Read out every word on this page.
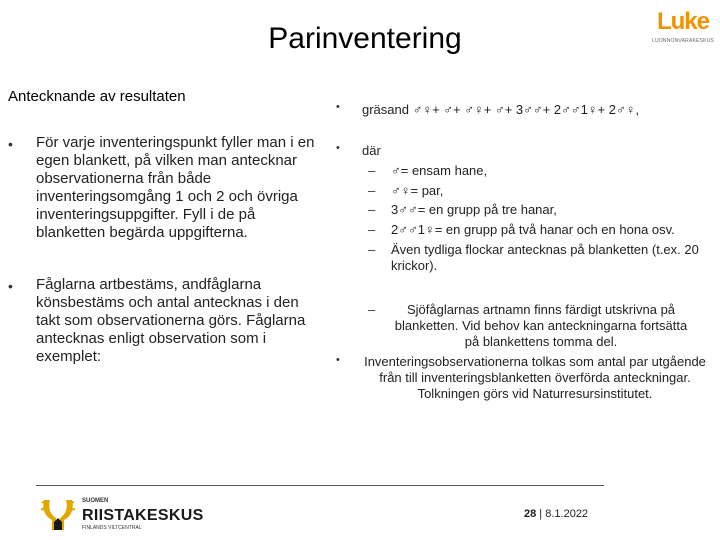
Parinventering
Luke
LUONNONVARAKESKUS
Antecknande av resultaten
• För varje inventeringspunkt fyller man i en egen blankett, på vilken man antecknar observationerna från både inventeringsomgång 1 och 2 och övriga inventeringsuppgifter. Fyll i de på blanketten begärda uppgifterna.
• Fåglarna artbestäms, andfåglarna könsbestäms och antal antecknas i den takt som observationerna görs. Fåglarna antecknas enligt observation som i exemplet:
• gräsand ♂♀+ ♂+ ♂♀+ ♂+ 3♂♂+ 2♂♂1♀+ 2♂♀,
• där
– ♂= ensam hane,
– ♂♀= par,
– 3♂♂= en grupp på tre hanar,
– 2♂♂1♀= en grupp på två hanar och en hona osv.
– Även tydliga flockar antecknas på blanketten (t.ex. 20 krickor).
–	Sjöfåglarnas artnamn finns färdigt utskrivna på blanketten. Vid behov kan anteckningarna fortsätta på blankettens tomma del.
•	Inventeringsobservationerna tolkas som antal par utgående från till inventeringsblanketten överförda anteckningar. Tolkningen görs vid Naturresursinstitutet.
SUOMEN
RIISTAKESKUS
FINLANDS VILTCENTRAL
28 | 8.1.2022
